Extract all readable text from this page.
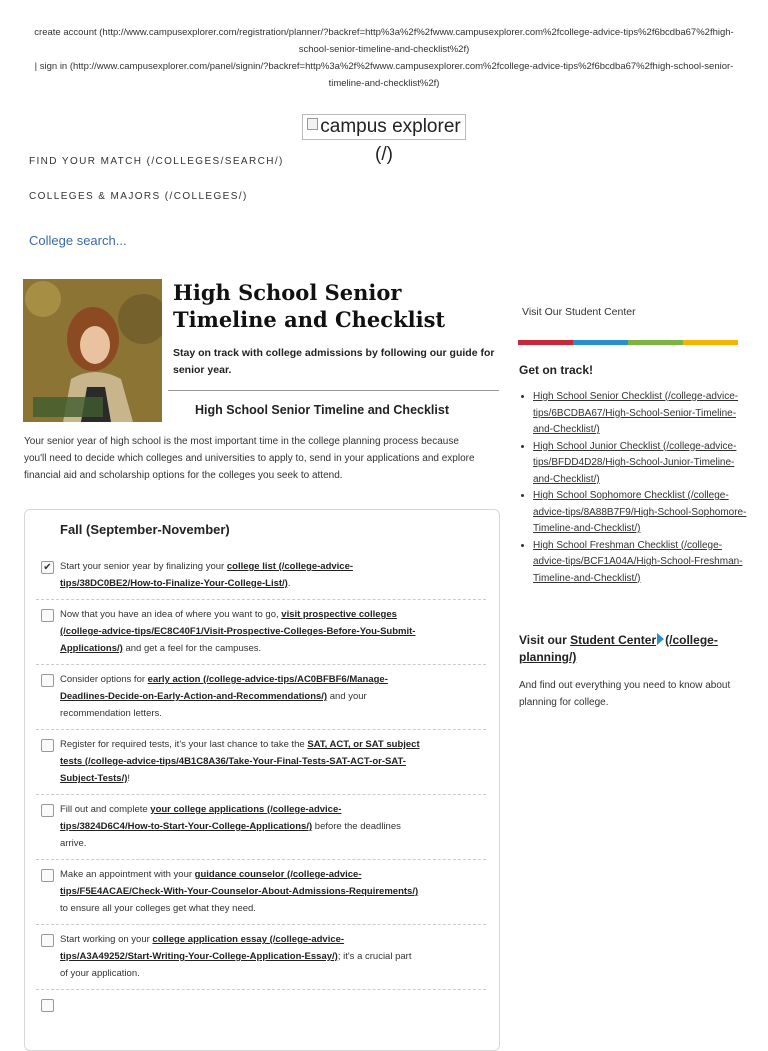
create account (http://www.campusexplorer.com/registration/planner/?backref=http%3a%2f%2fwww.campusexplorer.com%2fcollege-advice-tips%2f6bcdba67%2fhigh-school-senior-timeline-and-checklist%2f)
| sign in (http://www.campusexplorer.com/panel/signin/?backref=http%3a%2f%2fwww.campusexplorer.com%2fcollege-advice-tips%2f6bcdba67%2fhigh-school-senior-timeline-and-checklist%2f)
campus explorer
(/)
FIND YOUR MATCH (/COLLEGES/SEARCH/)
COLLEGES & MAJORS (/COLLEGES/)
College search...
High School Senior Timeline and Checklist

Stay on track with college admissions by following our guide for senior year.

High School Senior Timeline and Checklist

Your senior year of high school is the most important time in the college planning process because you'll need to decide which colleges and universities to apply to, send in your applications and explore financial aid and scholarship options for the colleges you seek to attend.

Fall (September-November)
✔ Start your senior year by finalizing your college list (/college-advice-tips/38DC0BE2/How-to-Finalize-Your-College-List/).
Now that you have an idea of where you want to go, visit prospective colleges (/college-advice-tips/EC8C40F1/Visit-Prospective-Colleges-Before-You-Submit-Applications/) and get a feel for the campuses.
Consider options for early action (/college-advice-tips/AC0BFBF6/Manage-Deadlines-Decide-on-Early-Action-and-Recommendations/) and your recommendation letters.
Register for required tests, it's your last chance to take the SAT, ACT, or SAT subject tests (/college-advice-tips/4B1C8A36/Take-Your-Final-Tests-SAT-ACT-or-SAT-Subject-Tests/)!
Fill out and complete your college applications (/college-advice-tips/3824D6C4/How-to-Start-Your-College-Applications/) before the deadlines arrive.
Make an appointment with your guidance counselor (/college-advice-tips/F5E4ACAE/Check-With-Your-Counselor-About-Admissions-Requirements/) to ensure all your colleges get what they need.
Start working on your college application essay (/college-advice-tips/A3A49252/Start-Writing-Your-College-Application-Essay/); it's a crucial part of your application.
Visit Our Student Center
Get on track!
• High School Senior Checklist (/college-advice-tips/6BCDBA67/High-School-Senior-Timeline-and-Checklist/)
• High School Junior Checklist (/college-advice-tips/BFDD4D28/High-School-Junior-Timeline-and-Checklist/)
• High School Sophomore Checklist (/college-advice-tips/8A88B7F9/High-School-Sophomore-Timeline-and-Checklist/)
• High School Freshman Checklist (/college-advice-tips/BCF1A04A/High-School-Freshman-Timeline-and-Checklist/)
Visit our Student Center (/college-planning/)
And find out everything you need to know about planning for college.
